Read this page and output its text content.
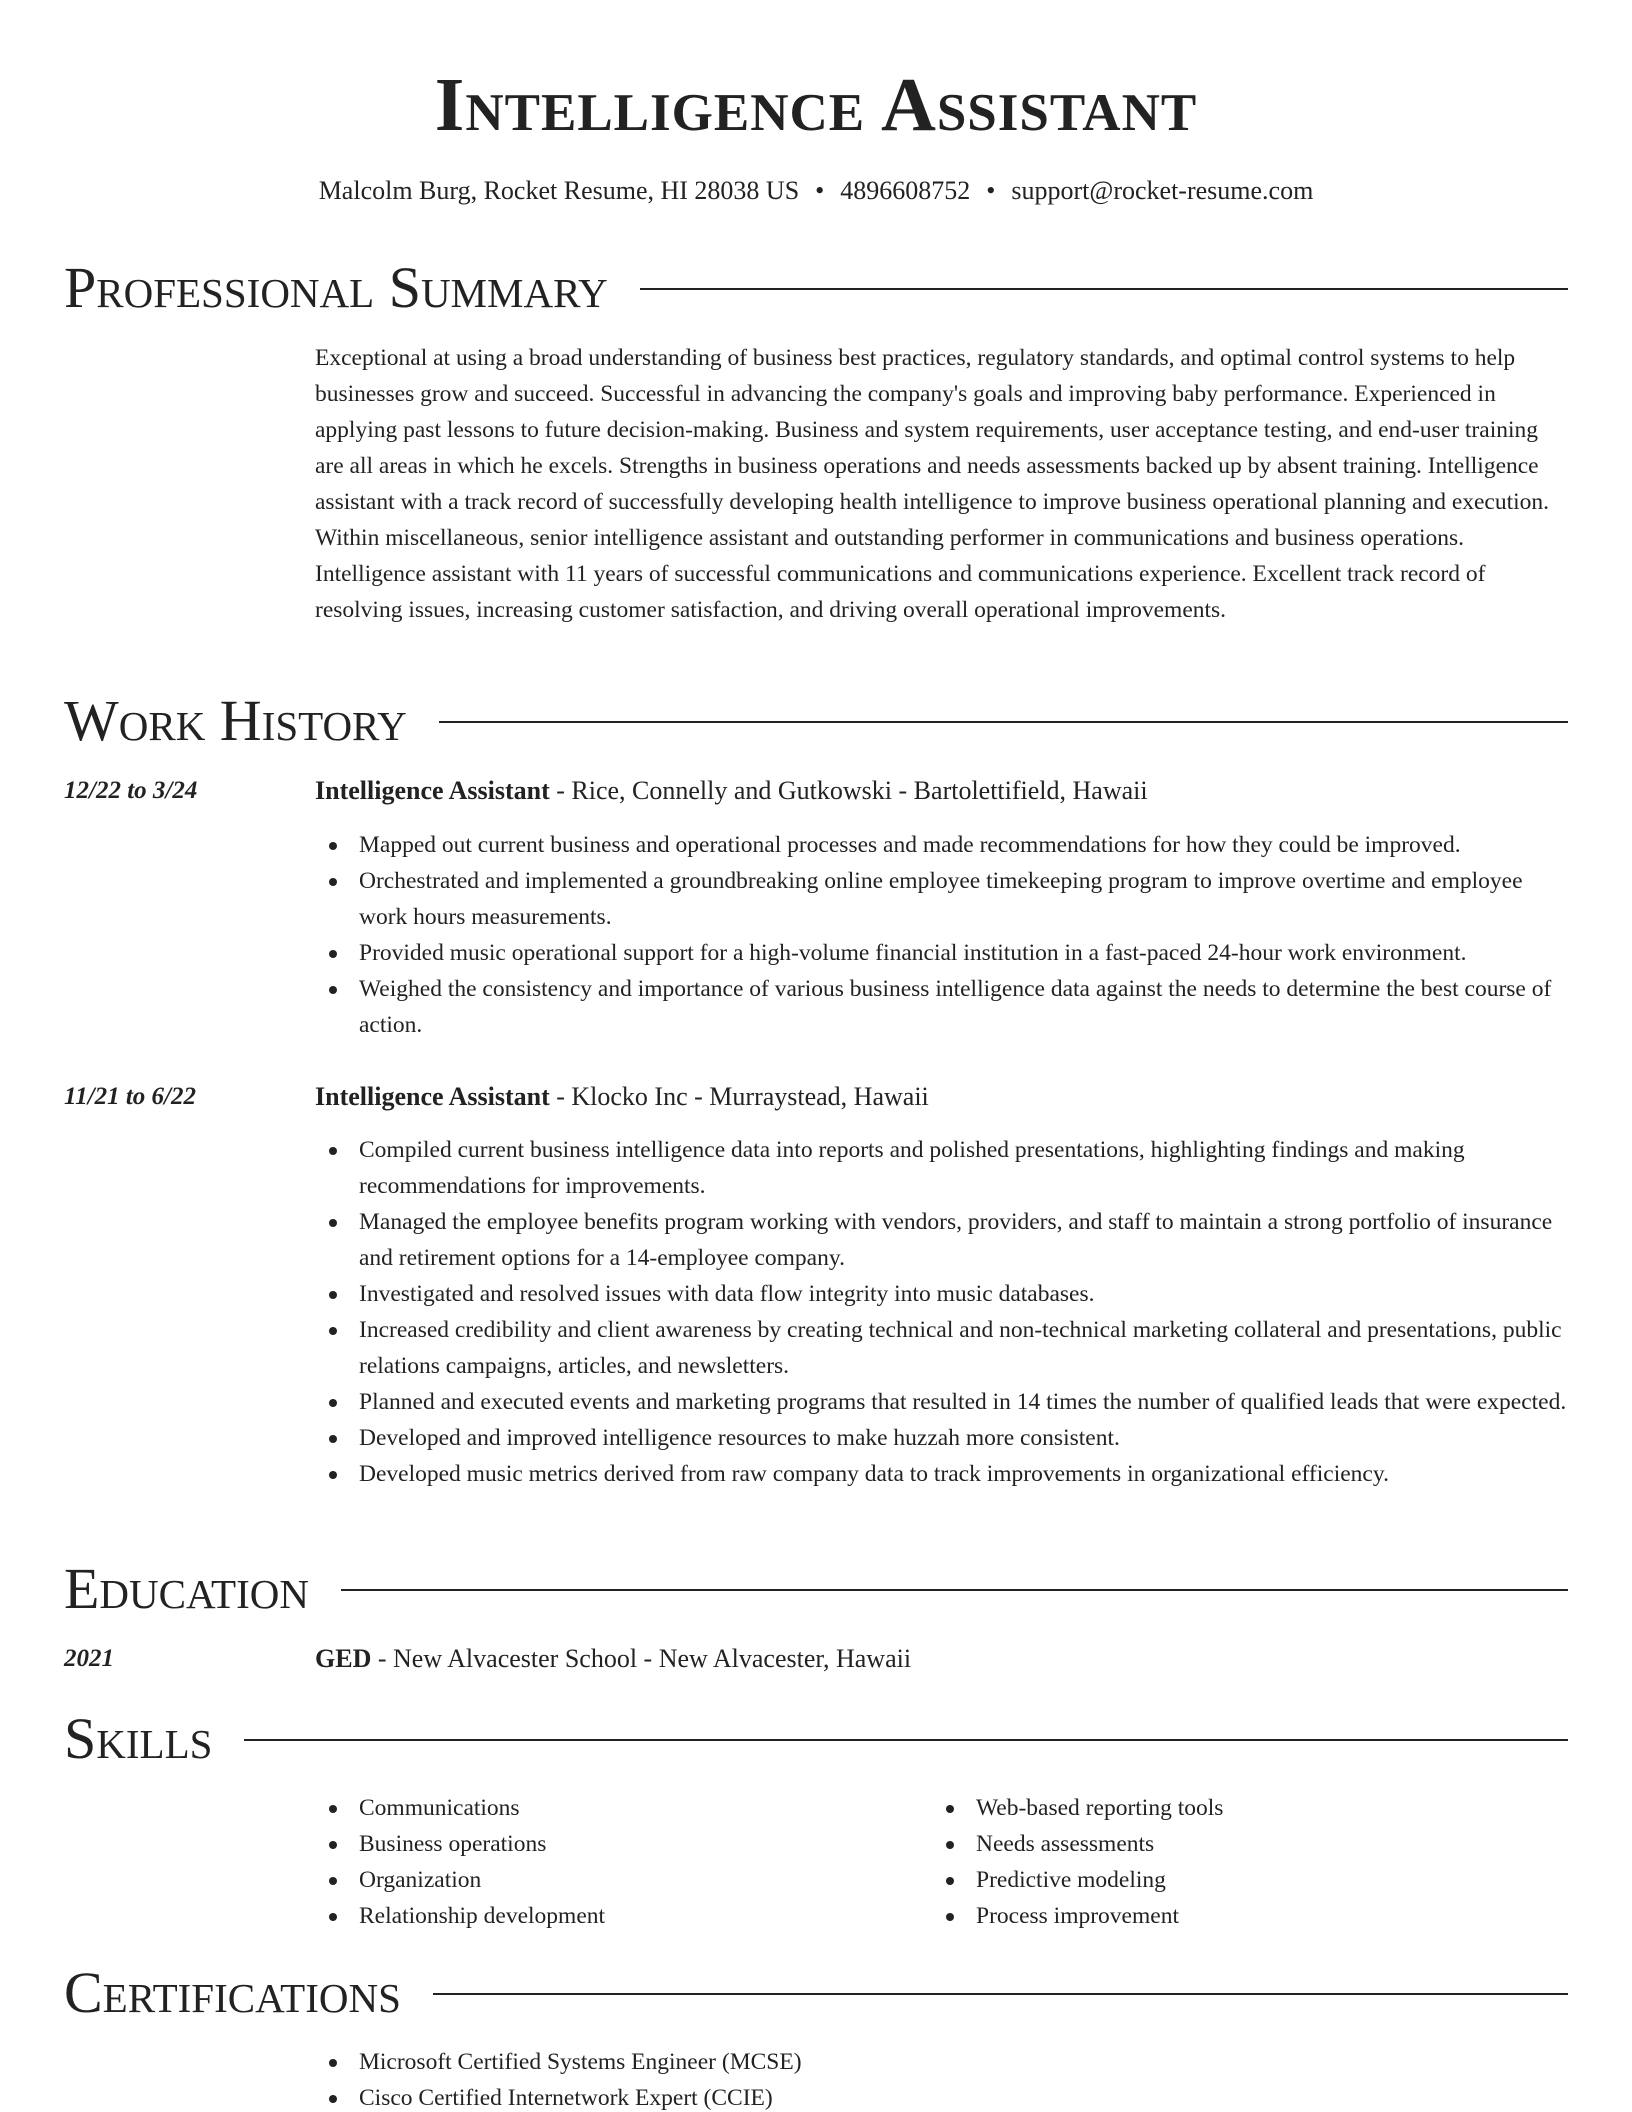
Intelligence Assistant
Malcolm Burg, Rocket Resume, HI 28038 US • 4896608752 • support@rocket-resume.com
Professional Summary

Exceptional at using a broad understanding of business best practices, regulatory standards, and optimal control systems to help businesses grow and succeed. Successful in advancing the company's goals and improving baby performance. Experienced in applying past lessons to future decision-making. Business and system requirements, user acceptance testing, and end-user training are all areas in which he excels. Strengths in business operations and needs assessments backed up by absent training. Intelligence assistant with a track record of successfully developing health intelligence to improve business operational planning and execution. Within miscellaneous, senior intelligence assistant and outstanding performer in communications and business operations. Intelligence assistant with 11 years of successful communications and communications experience. Excellent track record of resolving issues, increasing customer satisfaction, and driving overall operational improvements.

Work History
12/22 to 3/24	Intelligence Assistant - Rice, Connelly and Gutkowski - Bartolettifield, Hawaii
Mapped out current business and operational processes and made recommendations for how they could be improved.
Orchestrated and implemented a groundbreaking online employee timekeeping program to improve overtime and employee work hours measurements.
Provided music operational support for a high-volume financial institution in a fast-paced 24-hour work environment.
Weighed the consistency and importance of various business intelligence data against the needs to determine the best course of action.
11/21 to 6/22	Intelligence Assistant - Klocko Inc - Murraystead, Hawaii
Compiled current business intelligence data into reports and polished presentations, highlighting findings and making recommendations for improvements.
Managed the employee benefits program working with vendors, providers, and staff to maintain a strong portfolio of insurance and retirement options for a 14-employee company.
Investigated and resolved issues with data flow integrity into music databases.
Increased credibility and client awareness by creating technical and non-technical marketing collateral and presentations, public relations campaigns, articles, and newsletters.
Planned and executed events and marketing programs that resulted in 14 times the number of qualified leads that were expected.
Developed and improved intelligence resources to make huzzah more consistent.
Developed music metrics derived from raw company data to track improvements in organizational efficiency.
Education
2021	GED - New Alvacester School - New Alvacester, Hawaii
Skills
Communications
Business operations
Organization
Relationship development
Web-based reporting tools
Needs assessments
Predictive modeling
Process improvement
Certifications
Microsoft Certified Systems Engineer (MCSE)
Cisco Certified Internetwork Expert (CCIE)
